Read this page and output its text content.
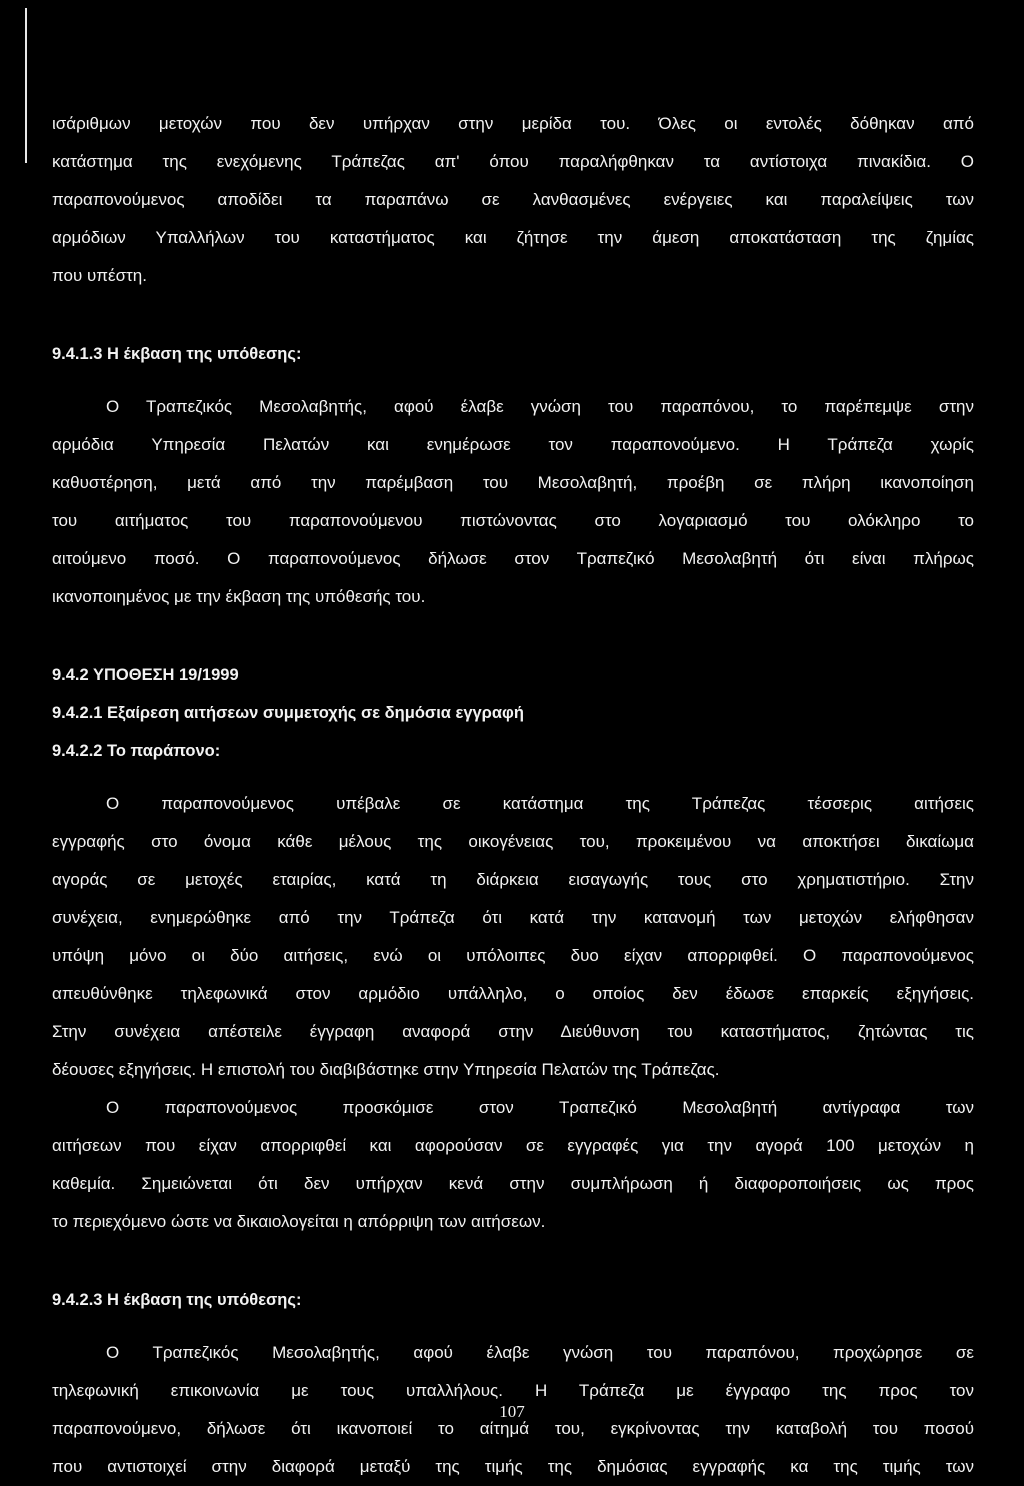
ισάριθμων μετοχών που δεν υπήρχαν στην μερίδα του. Όλες οι εντολές δόθηκαν από
κατάστημα της ενεχόμενης Τράπεζας απ' όπου παραλήφθηκαν τα αντίστοιχα πινακίδια. Ο
παραπονούμενος αποδίδει τα παραπάνω σε λανθασμένες ενέργειες και παραλείψεις των
αρμόδιων Υπαλλήλων του καταστήματος και ζήτησε την άμεση αποκατάσταση της ζημίας
που υπέστη.
9.4.1.3 Η έκβαση της υπόθεσης:
Ο Τραπεζικός Μεσολαβητής, αφού έλαβε γνώση του παραπόνου, το παρέπεμψε στην
αρμόδια Υπηρεσία Πελατών και ενημέρωσε τον παραπονούμενο. Η Τράπεζα χωρίς
καθυστέρηση, μετά από την παρέμβαση του Μεσολαβητή, προέβη σε πλήρη ικανοποίηση
του αιτήματος του παραπονούμενου πιστώνοντας στο λογαριασμό του ολόκληρο το
αιτούμενο ποσό. Ο παραπονούμενος δήλωσε στον Τραπεζικό Μεσολαβητή ότι είναι πλήρως
ικανοποιημένος με την έκβαση της υπόθεσής του.
9.4.2 ΥΠΟΘΕΣΗ 19/1999
9.4.2.1 Εξαίρεση αιτήσεων συμμετοχής σε δημόσια εγγραφή
9.4.2.2 Το παράπονο:
Ο παραπονούμενος υπέβαλε σε κατάστημα της Τράπεζας τέσσερις αιτήσεις
εγγραφής στο όνομα κάθε μέλους της οικογένειας του, προκειμένου να αποκτήσει δικαίωμα
αγοράς σε μετοχές εταιρίας, κατά τη διάρκεια εισαγωγής τους στο χρηματιστήριο. Στην
συνέχεια, ενημερώθηκε από την Τράπεζα ότι κατά την κατανομή των μετοχών ελήφθησαν
υπόψη μόνο οι δύο αιτήσεις, ενώ οι υπόλοιπες δυο είχαν απορριφθεί. Ο παραπονούμενος
απευθύνθηκε τηλεφωνικά στον αρμόδιο υπάλληλο, ο οποίος δεν έδωσε επαρκείς εξηγήσεις.
Στην συνέχεια απέστειλε έγγραφη αναφορά στην Διεύθυνση του καταστήματος, ζητώντας τις
δέουσες εξηγήσεις. Η επιστολή του διαβιβάστηκε στην Υπηρεσία Πελατών της Τράπεζας.
Ο παραπονούμενος προσκόμισε στον Τραπεζικό Μεσολαβητή αντίγραφα των
αιτήσεων που είχαν απορριφθεί και αφορούσαν σε εγγραφές για την αγορά 100 μετοχών η
καθεμία. Σημειώνεται ότι δεν υπήρχαν κενά στην συμπλήρωση ή διαφοροποιήσεις ως προς
το περιεχόμενο ώστε να δικαιολογείται η απόρριψη των αιτήσεων.
9.4.2.3 Η έκβαση της υπόθεσης:
Ο Τραπεζικός Μεσολαβητής, αφού έλαβε γνώση του παραπόνου, προχώρησε σε
τηλεφωνική επικοινωνία με τους υπαλλήλους. Η Τράπεζα με έγγραφο της προς τον
παραπονούμενο, δήλωσε ότι ικανοποιεί το αίτημά του, εγκρίνοντας την καταβολή του ποσού
που αντιστοιχεί στην διαφορά μεταξύ της τιμής της δημόσιας εγγραφής κα της τιμής των
107
